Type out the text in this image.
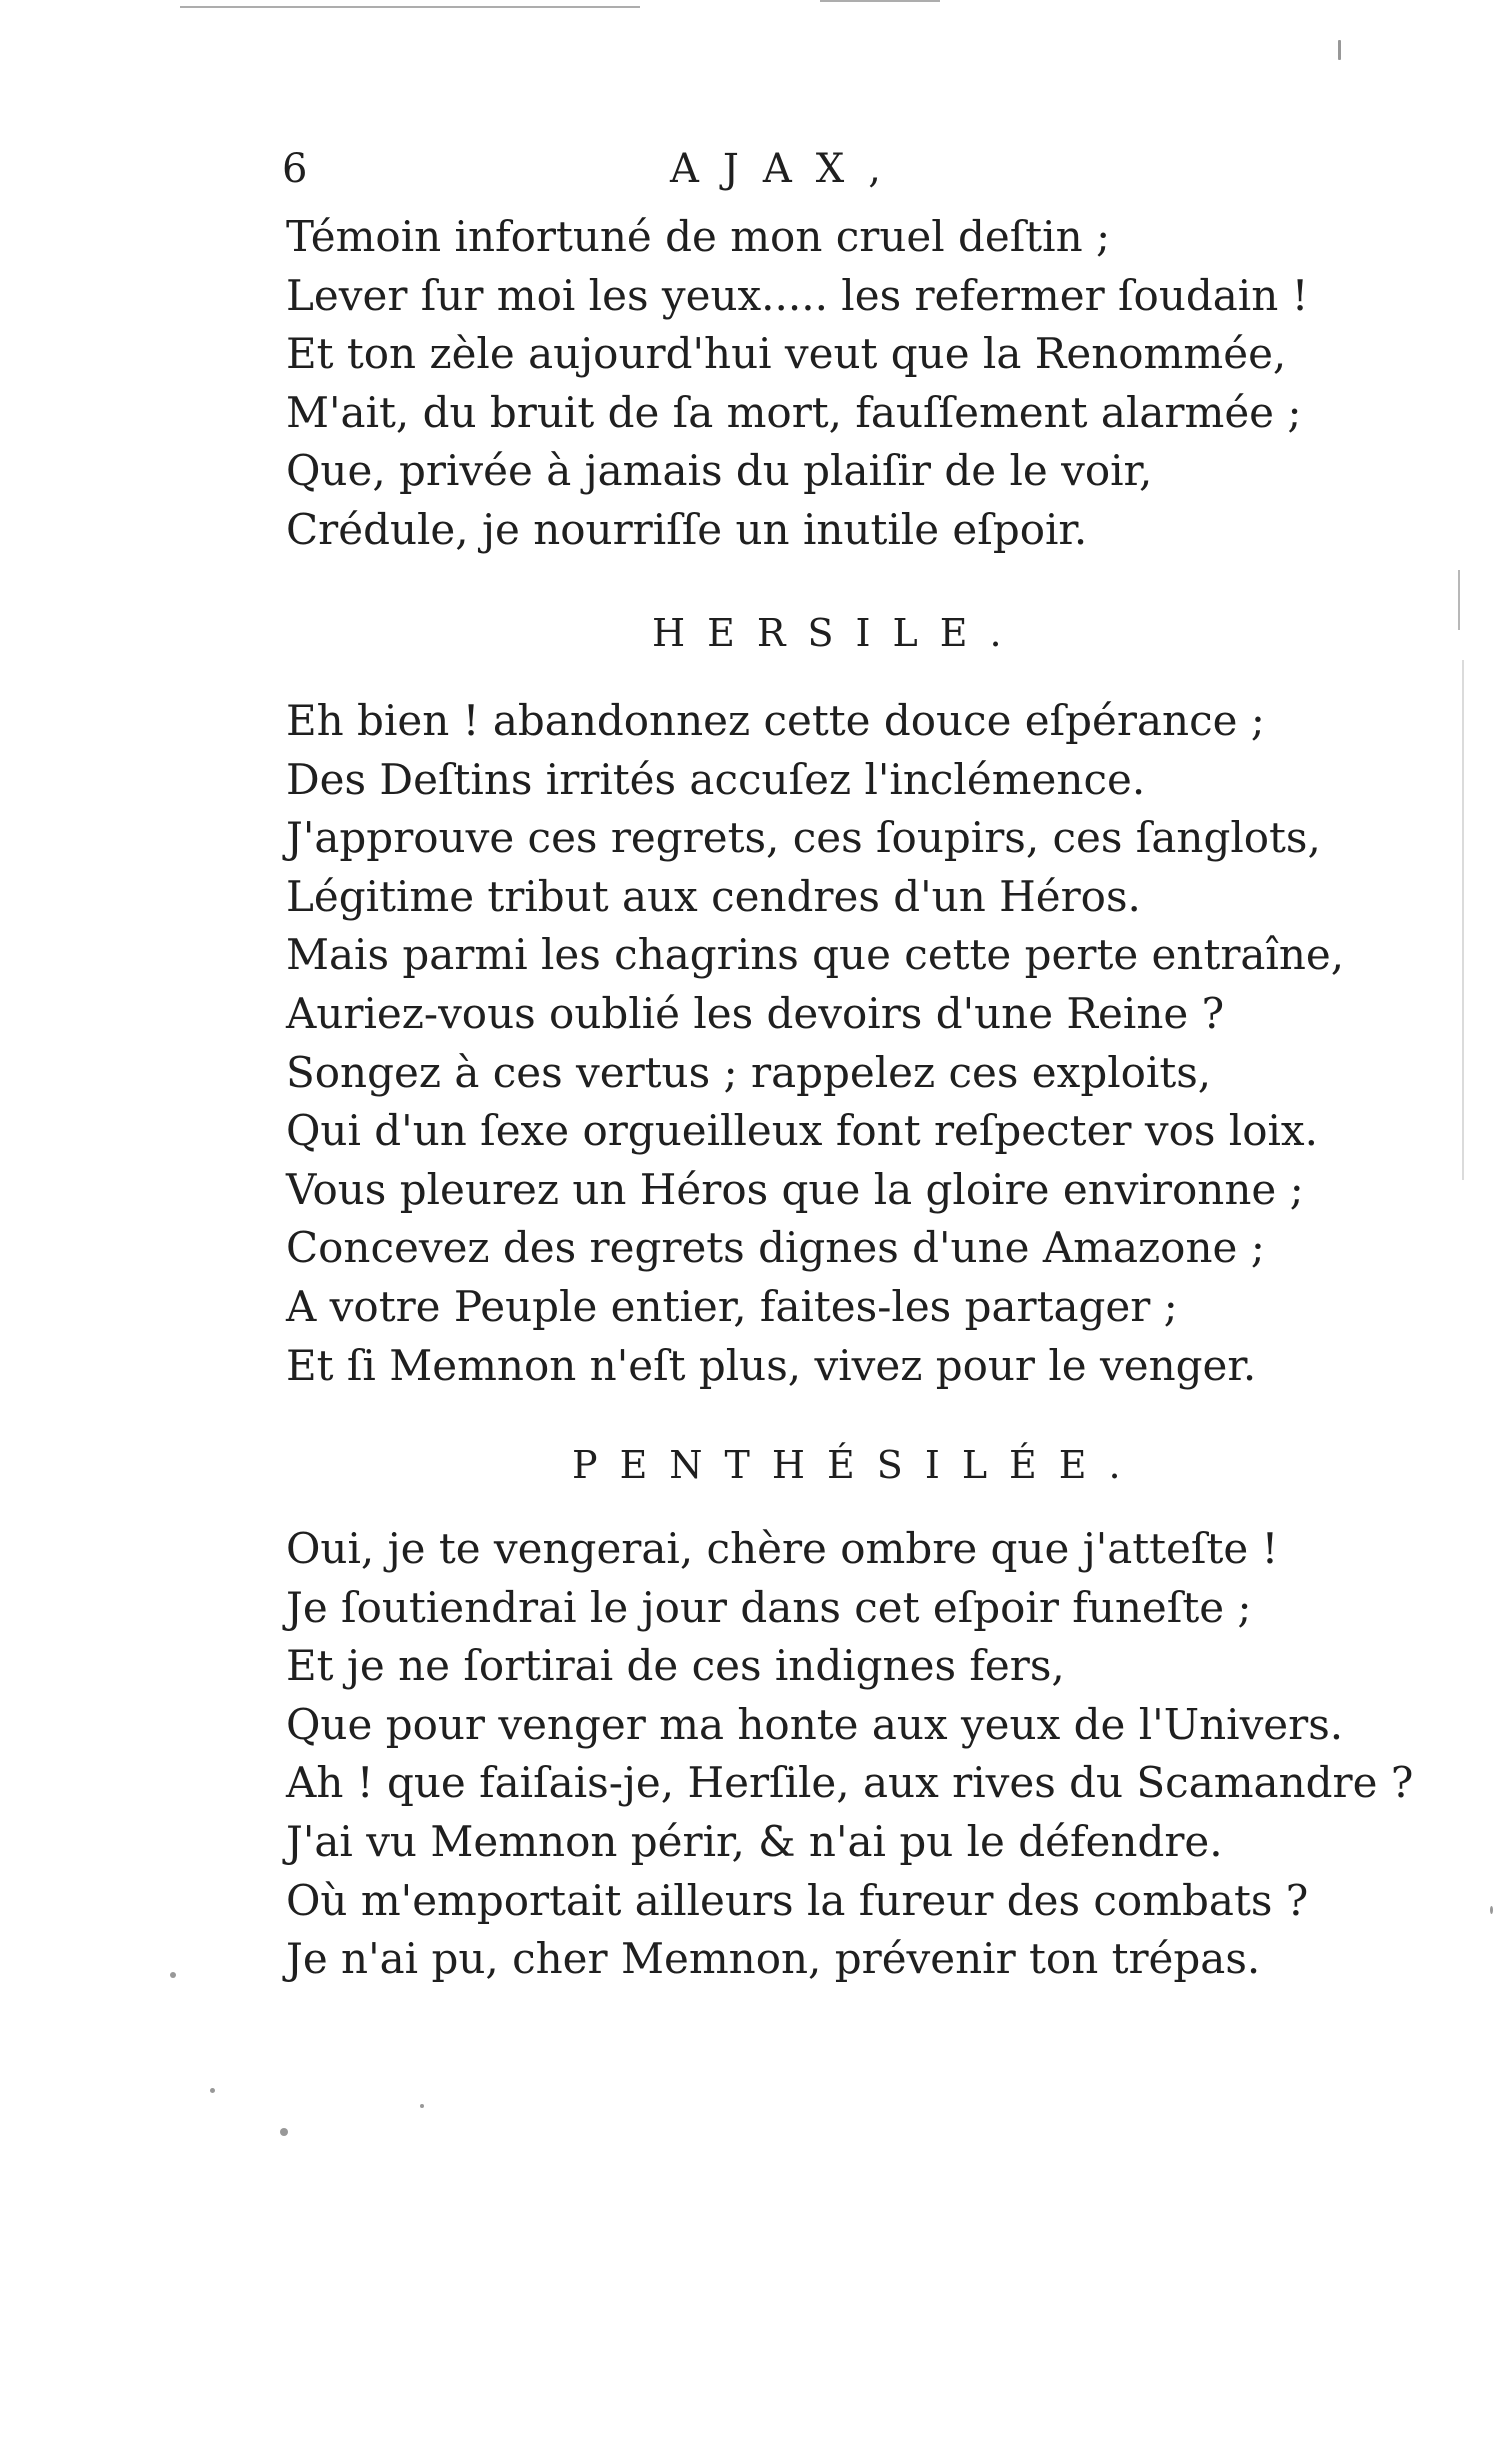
6	AJAX,
Témoin infortuné de mon cruel deſtin ;
Lever ſur moi les yeux..... les refermer ſoudain !
Et ton zèle aujourd'hui veut que la Renommée,
M'ait, du bruit de ſa mort, fauſſement alarmée ;
Que, privée à jamais du plaiſir de le voir,
Crédule, je nourriſſe un inutile eſpoir.
HERSILE.
Eh bien ! abandonnez cette douce eſpérance ;
Des Deſtins irrités accuſez l'inclémence.
J'approuve ces regrets, ces ſoupirs, ces ſanglots,
Légitime tribut aux cendres d'un Héros.
Mais parmi les chagrins que cette perte entraîne,
Auriez-vous oublié les devoirs d'une Reine ?
Songez à ces vertus ; rappelez ces exploits,
Qui d'un ſexe orgueilleux font reſpecter vos loix.
Vous pleurez un Héros que la gloire environne ;
Concevez des regrets dignes d'une Amazone ;
A votre Peuple entier, faites-les partager ;
Et ſi Memnon n'eſt plus, vivez pour le venger.
PENTHÉSILÉE.
Oui, je te vengerai, chère ombre que j'atteſte !
Je ſoutiendrai le jour dans cet eſpoir funeſte ;
Et je ne ſortirai de ces indignes fers,
Que pour venger ma honte aux yeux de l'Univers.
Ah ! que faiſais-je, Herſile, aux rives du Scamandre ?
J'ai vu Memnon périr, & n'ai pu le défendre.
Où m'emportait ailleurs la fureur des combats ?
Je n'ai pu, cher Memnon, prévenir ton trépas.
